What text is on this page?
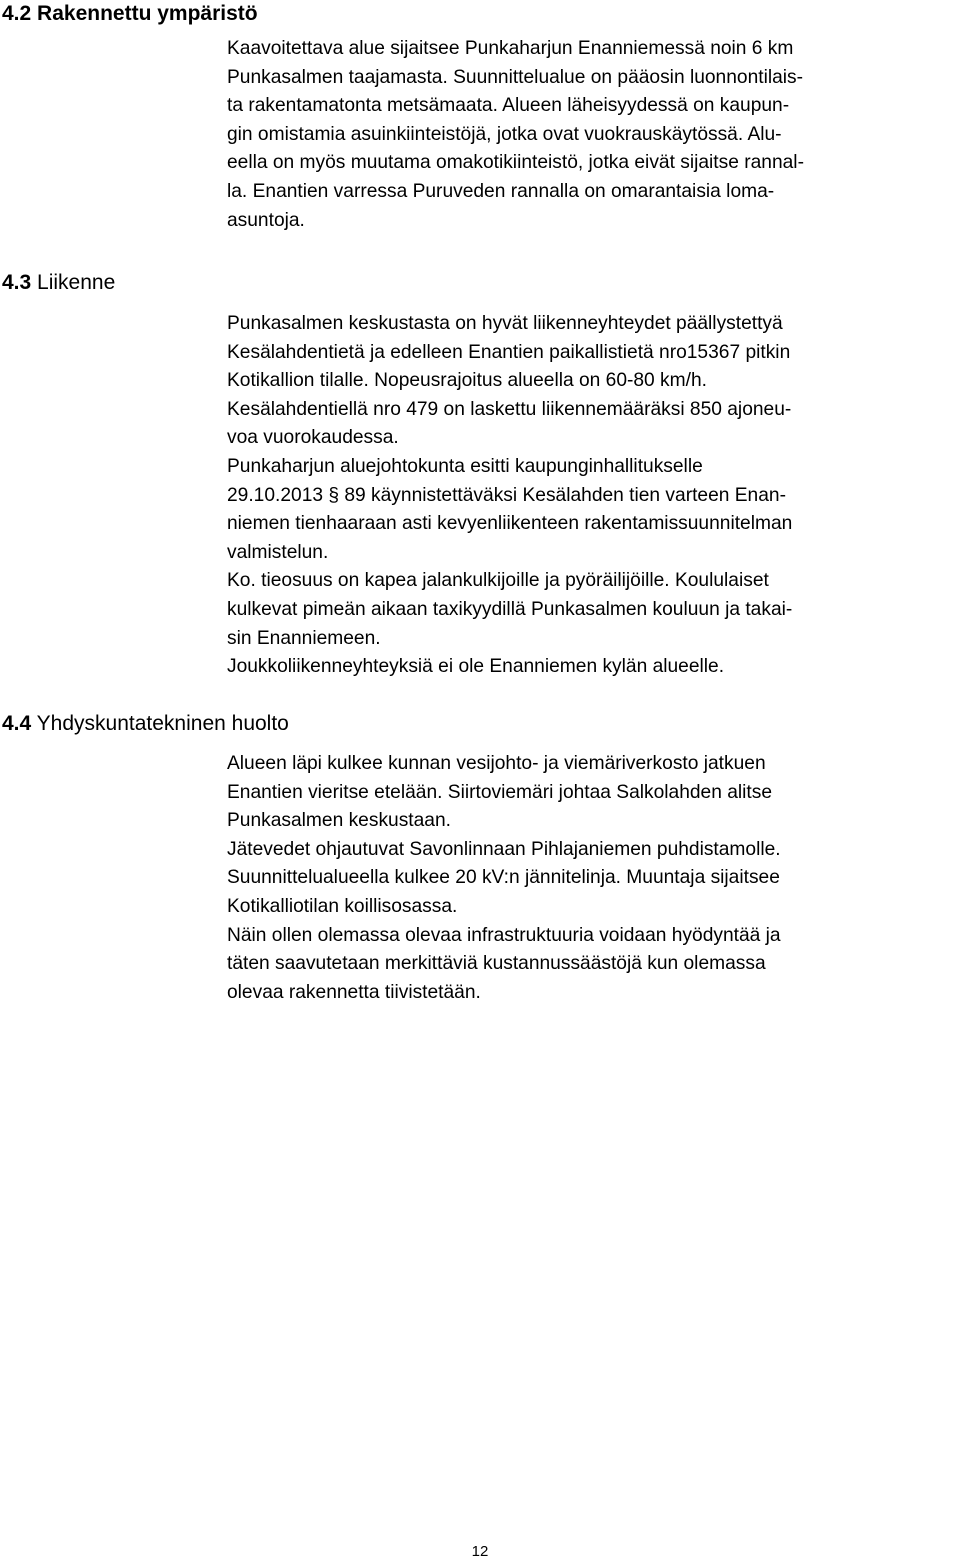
4.2 Rakennettu ympäristö
Kaavoitettava alue sijaitsee Punkaharjun Enanniemessä noin 6 km
Punkasalmen taajamasta. Suunnittelualue on pääosin luonnontilais-
ta rakentamatonta metsämaata. Alueen läheisyydessä on kaupun-
gin omistamia asuinkiinteistöjä, jotka ovat vuokrauskäytössä. Alu-
eella on myös muutama omakotikiinteistö, jotka eivät sijaitse rannal-
la. Enantien varressa Puruveden rannalla on omarantaisia loma-
asuntoja.
4.3 Liikenne
Punkasalmen keskustasta on hyvät liikenneyhteydet päällystettyä
Kesälahdentietä ja edelleen Enantien paikallistietä nro15367 pitkin
Kotikallion tilalle. Nopeusrajoitus alueella on 60-80 km/h.
Kesälahdentiellä nro 479 on laskettu liikennemääräksi 850 ajoneu-
voa vuorokaudessa.
Punkaharjun aluejohtokunta esitti kaupunginhallitukselle
29.10.2013 § 89 käynnistettäväksi Kesälahden tien varteen Enan-
niemen tienhaaraan asti kevyenliikenteen rakentamissuunnitelman
valmistelun.
Ko. tieosuus on kapea jalankulkijoille ja pyöräilijöille. Koululaiset
kulkevat pimeän aikaan taxikyydillä Punkasalmen kouluun ja takai-
sin Enanniemeen.
Joukkoliikenneyhteyksiä ei ole Enanniemen kylän alueelle.
4.4 Yhdyskuntatekninen huolto
Alueen läpi kulkee kunnan vesijohto- ja viemäriverkosto jatkuen
Enantien vieritse etelään. Siirtoviemäri johtaa Salkolahden alitse
Punkasalmen keskustaan.
Jätevedet ohjautuvat Savonlinnaan Pihlajaniemen puhdistamolle.
Suunnittelualueella kulkee 20 kV:n jännitelinja. Muuntaja sijaitsee
Kotikalliotilan koillisosassa.
Näin ollen olemassa olevaa infrastruktuuria voidaan hyödyntää ja
täten saavutetaan merkittäviä kustannussäästöjä kun olemassa
olevaa rakennetta tiivistetään.
12
